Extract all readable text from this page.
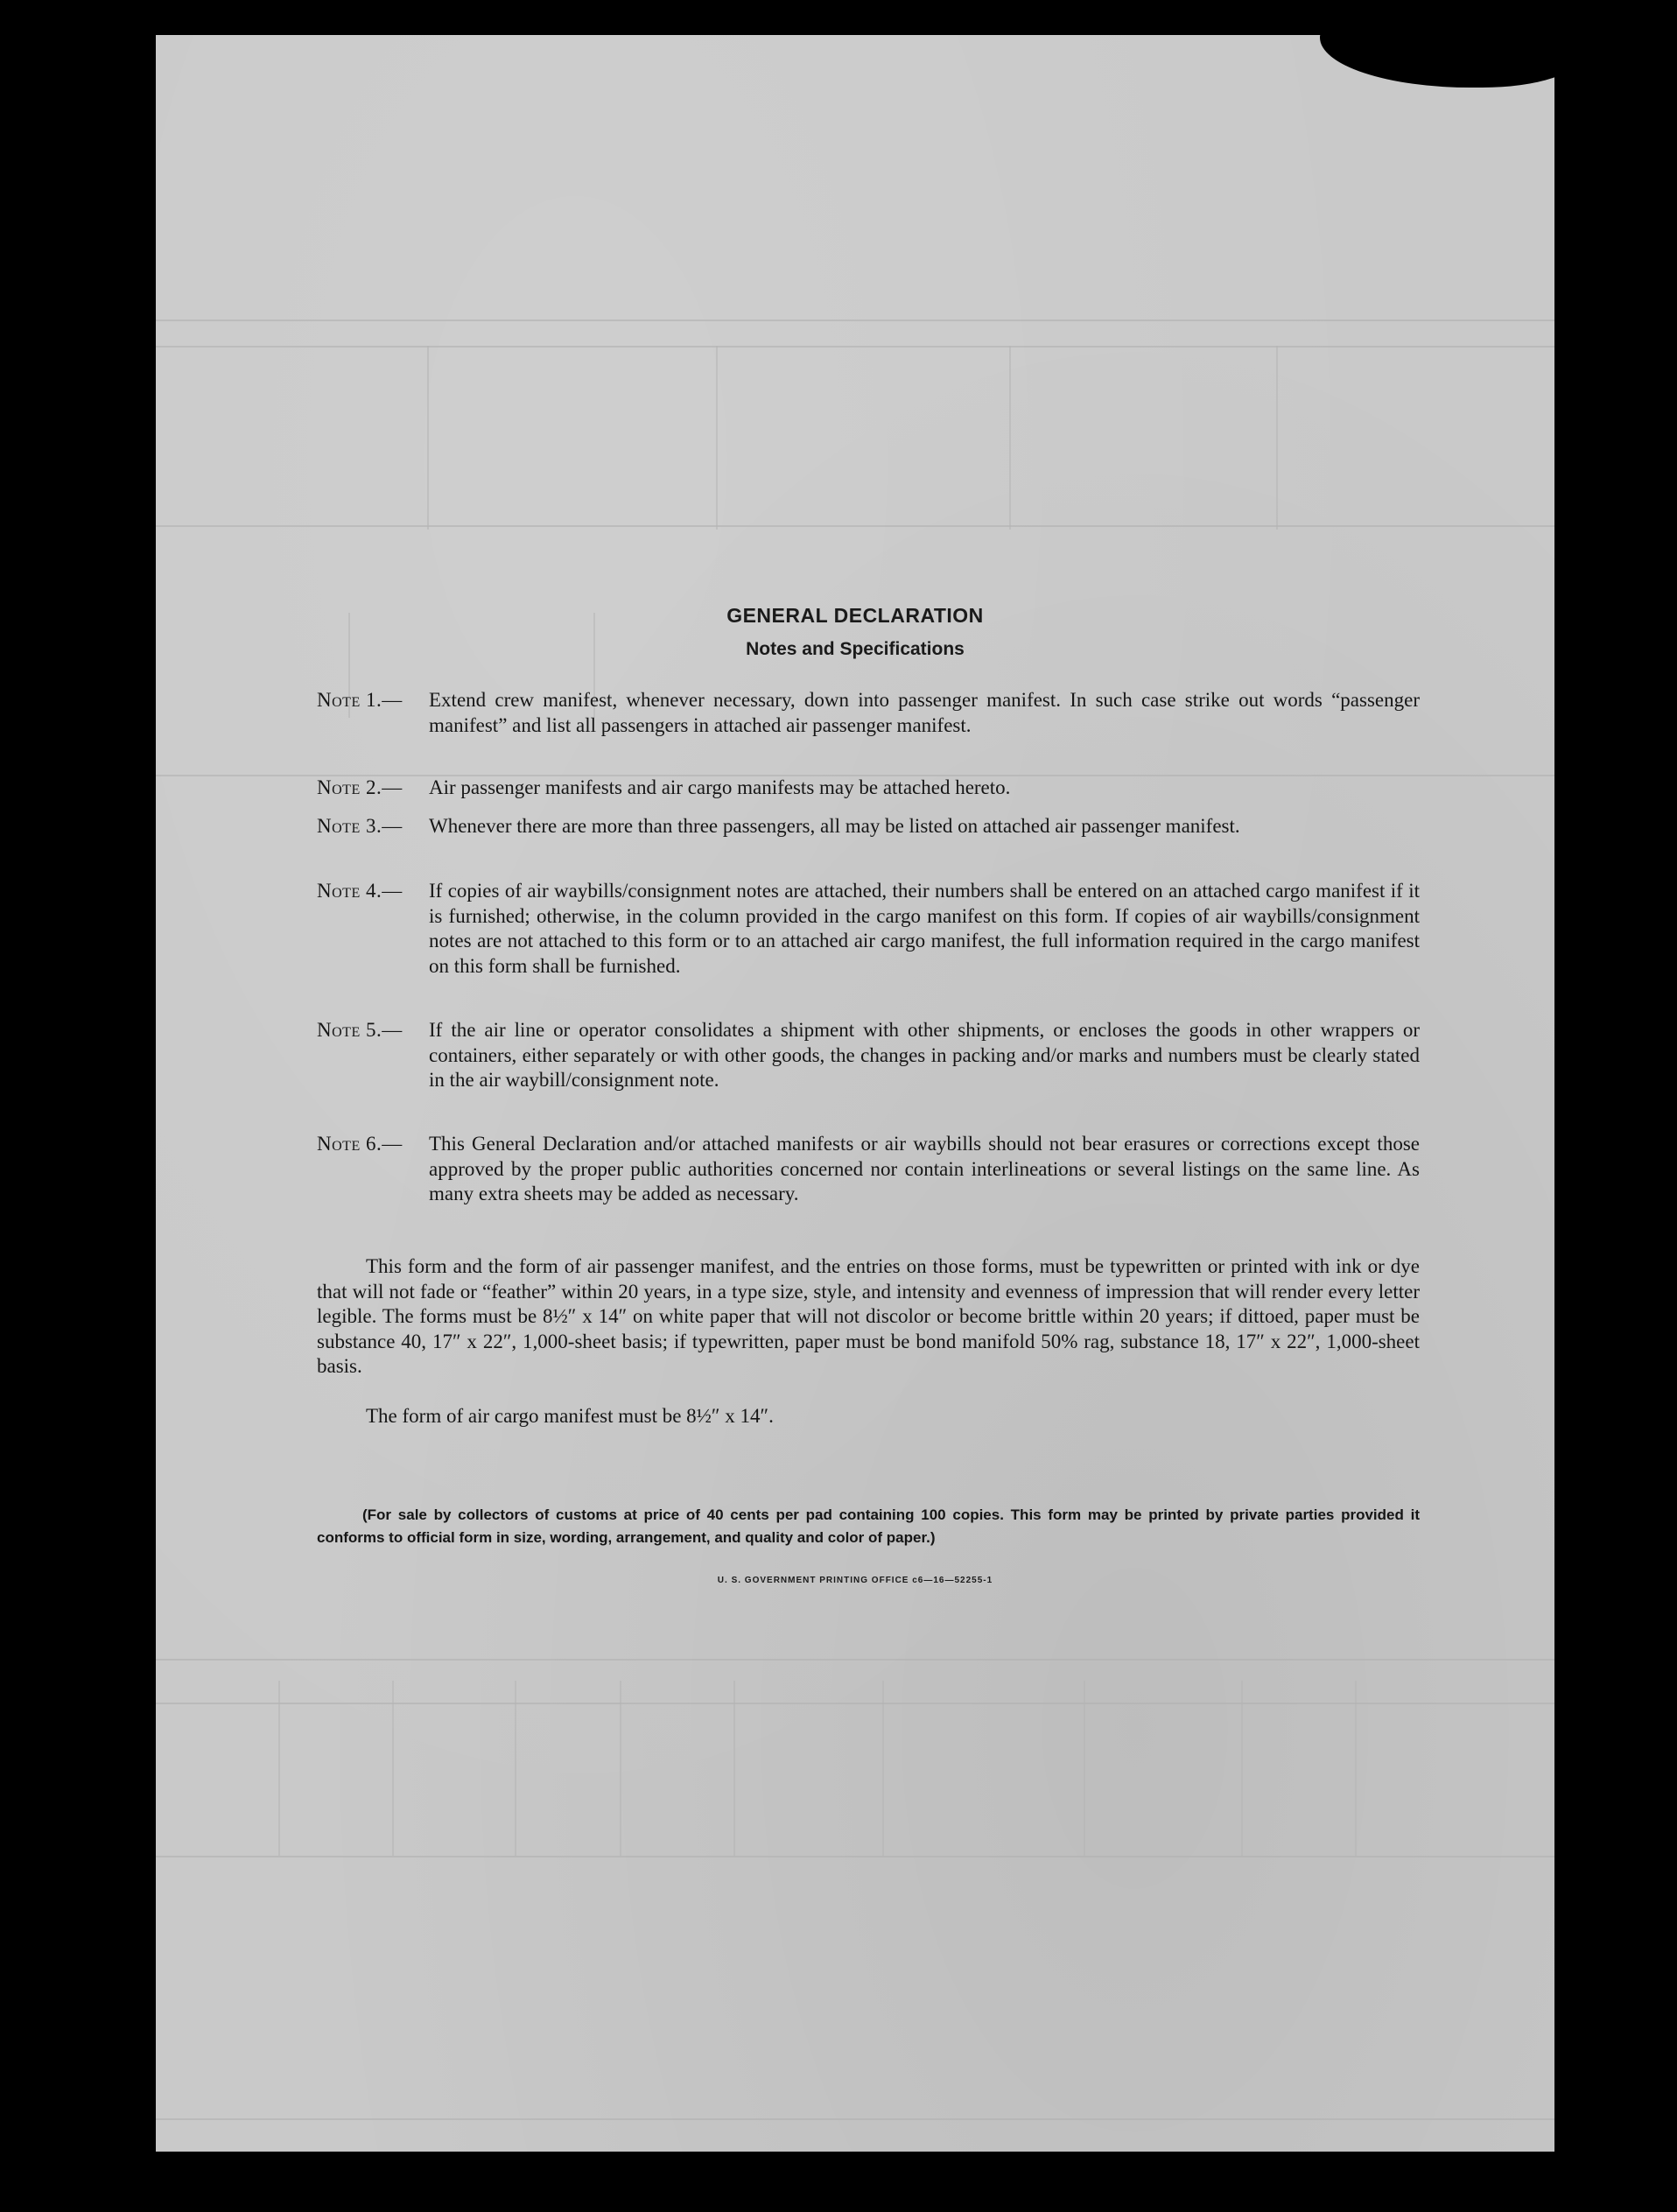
GENERAL DECLARATION
Notes and Specifications
Note 1.—	Extend crew manifest, whenever necessary, down into passenger manifest. In such case strike out words “passenger manifest” and list all passengers in attached air passenger manifest.
Note 2.—	Air passenger manifests and air cargo manifests may be attached hereto.
Note 3.—	Whenever there are more than three passengers, all may be listed on attached air passenger manifest.
Note 4.—	If copies of air waybills/consignment notes are attached, their numbers shall be entered on an attached cargo manifest if it is furnished; otherwise, in the column provided in the cargo manifest on this form. If copies of air waybills/consignment notes are not attached to this form or to an attached air cargo manifest, the full information required in the cargo manifest on this form shall be furnished.
Note 5.—	If the air line or operator consolidates a shipment with other shipments, or encloses the goods in other wrappers or containers, either separately or with other goods, the changes in packing and/or marks and numbers must be clearly stated in the air waybill/consignment note.
Note 6.—	This General Declaration and/or attached manifests or air waybills should not bear erasures or corrections except those approved by the proper public authorities concerned nor contain interlineations or several listings on the same line. As many extra sheets may be added as necessary.
This form and the form of air passenger manifest, and the entries on those forms, must be typewritten or printed with ink or dye that will not fade or “feather” within 20 years, in a type size, style, and intensity and evenness of impression that will render every letter legible. The forms must be 8½″ x 14″ on white paper that will not discolor or become brittle within 20 years; if dittoed, paper must be substance 40, 17″ x 22″, 1,000-sheet basis; if typewritten, paper must be bond manifold 50% rag, substance 18, 17″ x 22″, 1,000-sheet basis.
The form of air cargo manifest must be 8½″ x 14″.
(For sale by collectors of customs at price of 40 cents per pad containing 100 copies. This form may be printed by private parties provided it conforms to official form in size, wording, arrangement, and quality and color of paper.)
U. S. GOVERNMENT PRINTING OFFICE c6—16—52255-1
